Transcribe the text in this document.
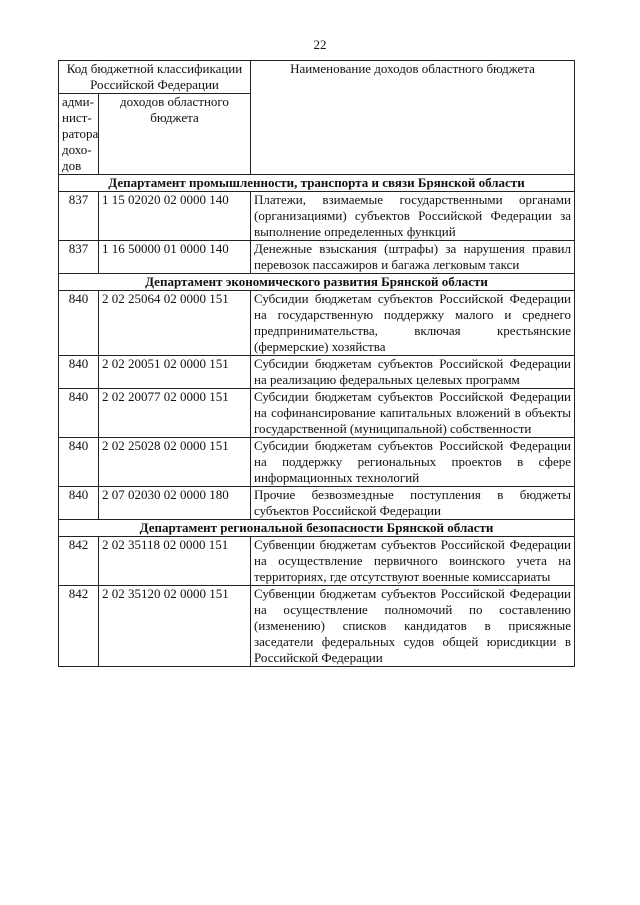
22
Код бюджетной классификации Российской Федерации		Наименование доходов областного бюджета
адми-нист-ратора дохо-дов	доходов областного бюджета	
Департамент промышленности, транспорта и связи Брянской области		
837	1 15 02020 02 0000 140	Платежи, взимаемые государственными органами (организациями) субъектов Российской Федерации за выполнение определенных функций
837	1 16 50000 01 0000 140	Денежные взыскания (штрафы) за нарушения правил перевозок пассажиров и багажа легковым такси
Департамент экономического развития Брянской области		
840	2 02 25064 02 0000 151	Субсидии бюджетам субъектов Российской Федерации на государственную поддержку малого и среднего предпринимательства, включая крестьянские (фермерские) хозяйства
840	2 02 20051 02 0000 151	Субсидии бюджетам субъектов Российской Федерации на реализацию федеральных целевых программ
840	2 02 20077 02 0000 151	Субсидии бюджетам субъектов Российской Федерации на софинансирование капитальных вложений в объекты государственной (муниципальной) собственности
840	2 02 25028 02 0000 151	Субсидии бюджетам субъектов Российской Федерации на поддержку региональных проектов в сфере информационных технологий
840	2 07 02030 02 0000 180	Прочие безвозмездные поступления в бюджеты субъектов Российской Федерации
Департамент региональной безопасности Брянской области		
842	2 02 35118 02 0000 151	Субвенции бюджетам субъектов Российской Федерации на осуществление первичного воинского учета на территориях, где отсутствуют военные комиссариаты
842	2 02 35120 02 0000 151	Субвенции бюджетам субъектов Российской Федерации на осуществление полномочий по составлению (изменению) списков кандидатов в присяжные заседатели федеральных судов общей юрисдикции в Российской Федерации
